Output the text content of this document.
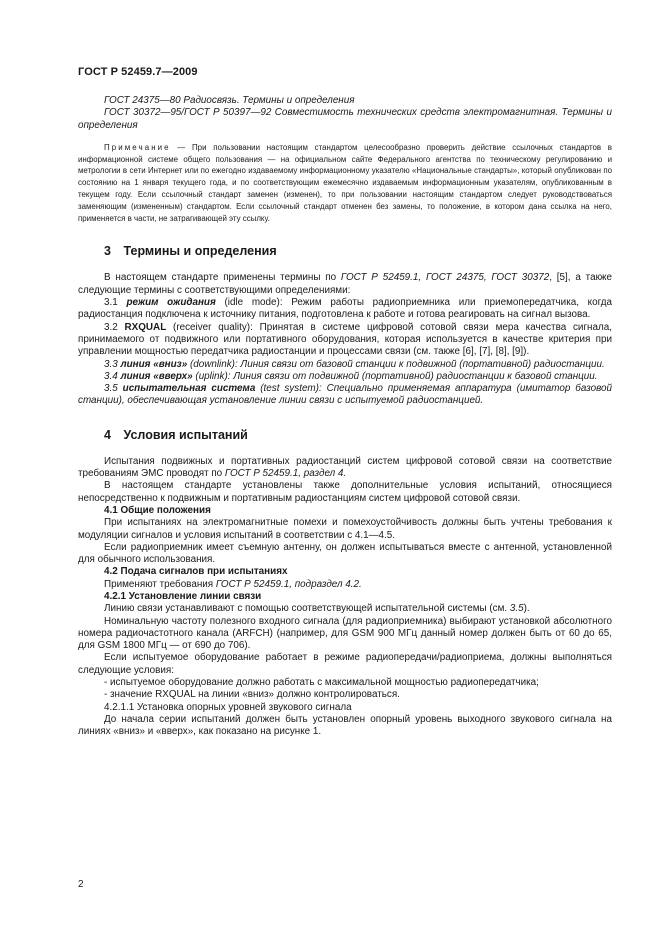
ГОСТ Р 52459.7—2009

ГОСТ 24375—80 Радиосвязь. Термины и определения

ГОСТ 30372—95/ГОСТ Р 50397—92 Совместимость технических средств электромагнитная. Термины и определения

Примечание — При пользовании настоящим стандартом целесообразно проверить действие ссылочных стандартов в информационной системе общего пользования — на официальном сайте Федерального агентства по техническому регулированию и метрологии в сети Интернет или по ежегодно издаваемому информационному указателю «Национальные стандарты», который опубликован по состоянию на 1 января текущего года, и по соответствующим ежемесячно издаваемым информационным указателям, опубликованным в текущем году. Если ссылочный стандарт заменен (изменен), то при пользовании настоящим стандартом следует руководствоваться заменяющим (измененным) стандартом. Если ссылочный стандарт отменен без замены, то положение, в котором дана ссылка на него, применяется в части, не затрагивающей эту ссылку.

3 Термины и определения

В настоящем стандарте применены термины по ГОСТ Р 52459.1, ГОСТ 24375, ГОСТ 30372, [5], а также следующие термины с соответствующими определениями:

3.1 режим ожидания (idle mode): Режим работы радиоприемника или приемопередатчика, когда радиостанция подключена к источнику питания, подготовлена к работе и готова реагировать на сигнал вызова.

3.2 RXQUAL (receiver quality): Принятая в системе цифровой сотовой связи мера качества сигнала, принимаемого от подвижного или портативного оборудования, которая используется в качестве критерия при управлении мощностью передатчика радиостанции и процессами связи (см. также [6], [7], [8], [9]).

3.3 линия «вниз» (downlink): Линия связи от базовой станции к подвижной (портативной) радиостанции.

3.4 линия «вверх» (uplink): Линия связи от подвижной (портативной) радиостанции к базовой станции.

3.5 испытательная система (test system): Специально применяемая аппаратура (имитатор базовой станции), обеспечивающая установление линии связи с испытуемой радиостанцией.

4 Условия испытаний

Испытания подвижных и портативных радиостанций систем цифровой сотовой связи на соответствие требованиям ЭМС проводят по ГОСТ Р 52459.1, раздел 4.

В настоящем стандарте установлены также дополнительные условия испытаний, относящиеся непосредственно к подвижным и портативным радиостанциям систем цифровой сотовой связи.

4.1 Общие положения

При испытаниях на электромагнитные помехи и помехоустойчивость должны быть учтены требования к модуляции сигналов и условия испытаний в соответствии с 4.1—4.5.

Если радиоприемник имеет съемную антенну, он должен испытываться вместе с антенной, установленной для обычного использования.

4.2 Подача сигналов при испытаниях

Применяют требования ГОСТ Р 52459.1, подраздел 4.2.

4.2.1 Установление линии связи

Линию связи устанавливают с помощью соответствующей испытательной системы (см. 3.5).

Номинальную частоту полезного входного сигнала (для радиоприемника) выбирают установкой абсолютного номера радиочастотного канала (ARFCH) (например, для GSM 900 МГц данный номер должен быть от 60 до 65, для GSM 1800 МГц — от 690 до 706).

Если испытуемое оборудование работает в режиме радиопередачи/радиоприема, должны выполняться следующие условия:

- испытуемое оборудование должно работать с максимальной мощностью радиопередатчика;

- значение RXQUAL на линии «вниз» должно контролироваться.

4.2.1.1 Установка опорных уровней звукового сигнала

До начала серии испытаний должен быть установлен опорный уровень выходного звукового сигнала на линиях «вниз» и «вверх», как показано на рисунке 1.

2
